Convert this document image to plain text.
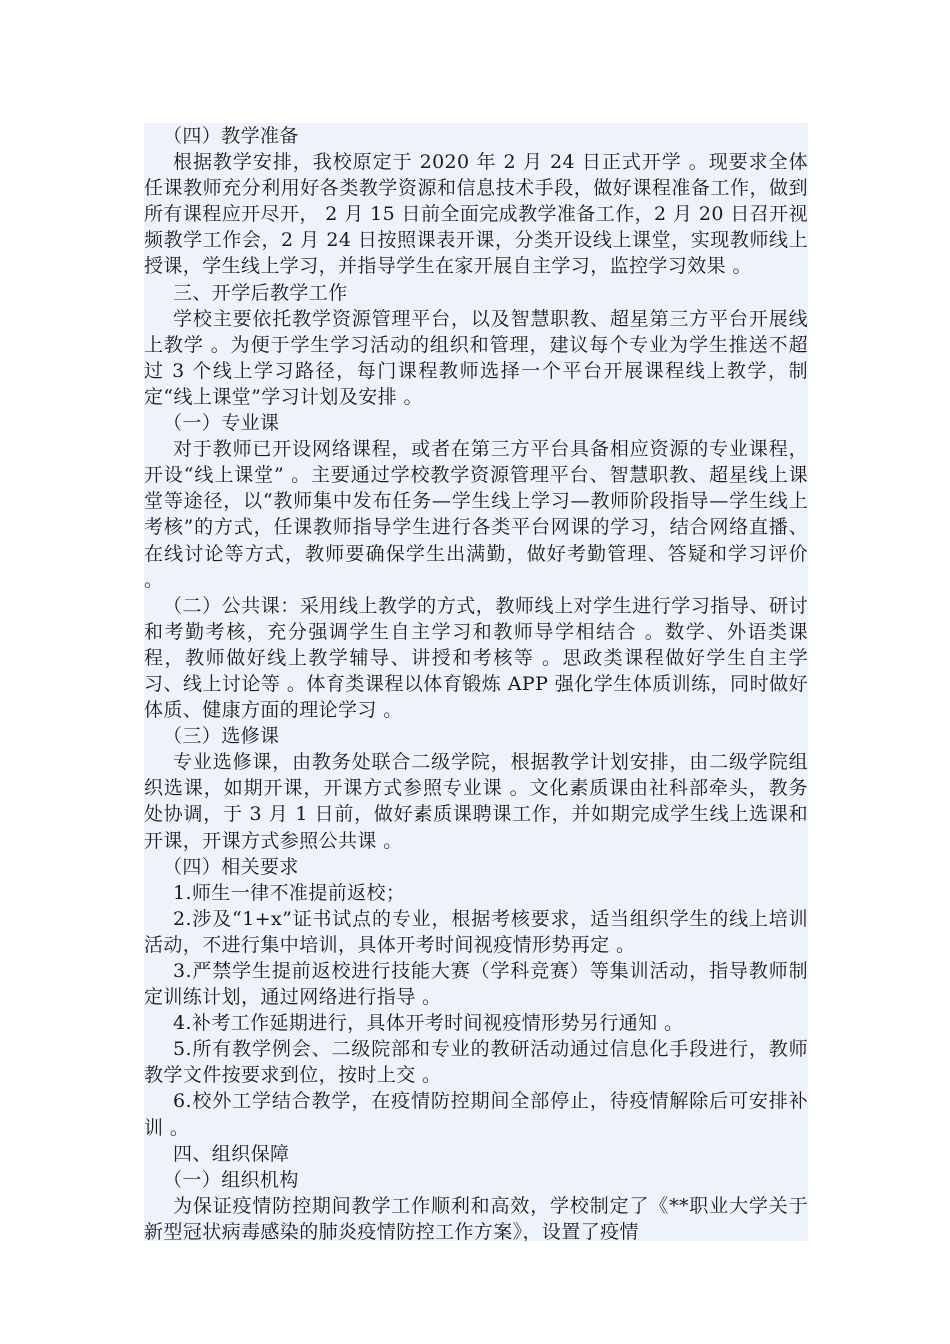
（四）教学准备

根据教学安排，我校原定于 2020 年 2 月 24 日正式开学 。现要求全体任课教师充分利用好各类教学资源和信息技术手段，做好课程准备工作，做到所有课程应开尽开， 2 月 15 日前全面完成教学准备工作，2 月 20 日召开视频教学工作会，2 月 24 日按照课表开课，分类开设线上课堂，实现教师线上授课，学生线上学习，并指导学生在家开展自主学习，监控学习效果 。

三、开学后教学工作

学校主要依托教学资源管理平台，以及智慧职教、超星第三方平台开展线上教学 。为便于学生学习活动的组织和管理，建议每个专业为学生推送不超过 3 个线上学习路径，每门课程教师选择一个平台开展课程线上教学，制定“线上课堂”学习计划及安排 。

（一）专业课

对于教师已开设网络课程，或者在第三方平台具备相应资源的专业课程，开设“线上课堂” 。主要通过学校教学资源管理平台、智慧职教、超星线上课堂等途径，以“教师集中发布任务—学生线上学习—教师阶段指导—学生线上考核”的方式，任课教师指导学生进行各类平台网课的学习，结合网络直播、在线讨论等方式，教师要确保学生出满勤，做好考勤管理、答疑和学习评价 。

（二）公共课：采用线上教学的方式，教师线上对学生进行学习指导、研讨和考勤考核，充分强调学生自主学习和教师导学相结合 。数学、外语类课程，教师做好线上教学辅导、讲授和考核等 。思政类课程做好学生自主学习、线上讨论等 。体育类课程以体育锻炼 APP 强化学生体质训练，同时做好体质、健康方面的理论学习 。

（三）选修课

专业选修课，由教务处联合二级学院，根据教学计划安排，由二级学院组织选课，如期开课，开课方式参照专业课 。文化素质课由社科部牵头，教务处协调，于 3 月 1 日前，做好素质课聘课工作，并如期完成学生线上选课和开课，开课方式参照公共课 。

（四）相关要求

1.师生一律不准提前返校；

2.涉及“1+x”证书试点的专业，根据考核要求，适当组织学生的线上培训活动，不进行集中培训，具体开考时间视疫情形势再定 。

3.严禁学生提前返校进行技能大赛（学科竞赛）等集训活动，指导教师制定训练计划，通过网络进行指导 。

4.补考工作延期进行，具体开考时间视疫情形势另行通知 。

5.所有教学例会、二级院部和专业的教研活动通过信息化手段进行，教师教学文件按要求到位，按时上交 。

6.校外工学结合教学，在疫情防控期间全部停止，待疫情解除后可安排补训 。

四、组织保障

（一）组织机构

为保证疫情防控期间教学工作顺利和高效，学校制定了《**职业大学关于新型冠状病毒感染的肺炎疫情防控工作方案》，设置了疫情
